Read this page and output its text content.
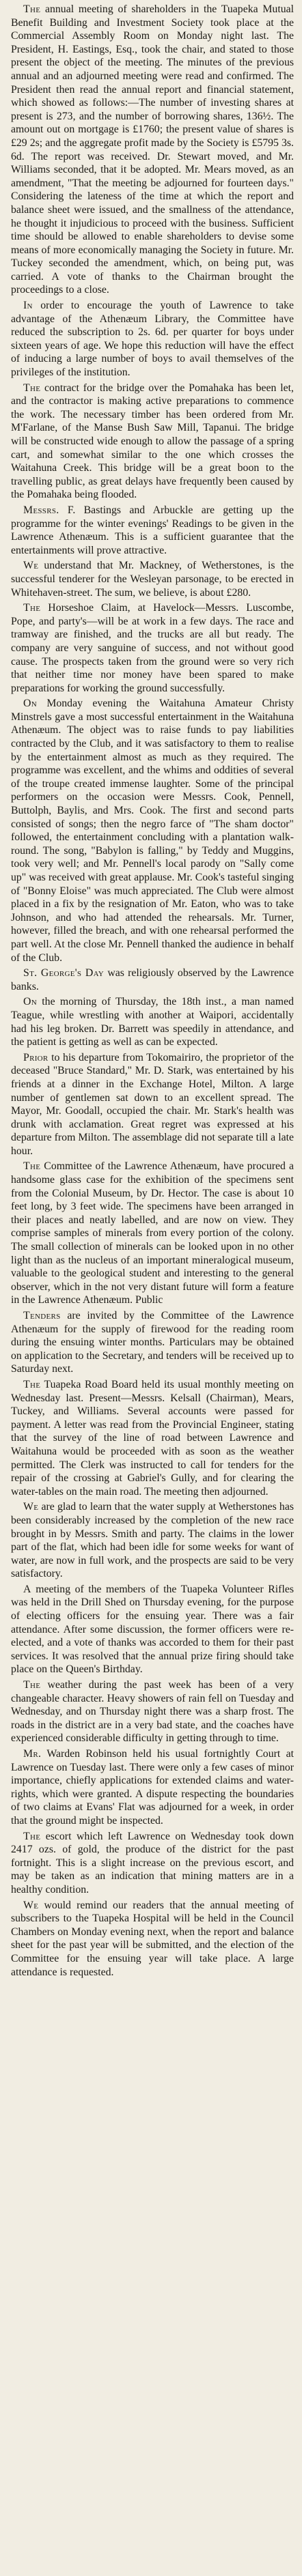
The annual meeting of shareholders in the Tuapeka Mutual Benefit Building and Investment Society took place at the Commercial Assembly Room on Monday night last. The President, H. Eastings, Esq., took the chair, and stated to those present the object of the meeting. The minutes of the previous annual and an adjourned meeting were read and confirmed. The President then read the annual report and financial statement, which showed as follows:—The number of investing shares at present is 273, and the number of borrowing shares, 136½. The amount out on mortgage is £1760; the present value of shares is £29 2s; and the aggregate profit made by the Society is £5795 3s. 6d. The report was received. Dr. Stewart moved, and Mr. Williams seconded, that it be adopted. Mr. Mears moved, as an amendment, "That the meeting be adjourned for fourteen days." Considering the lateness of the time at which the report and balance sheet were issued, and the smallness of the attendance, he thought it injudicious to proceed with the business. Sufficient time should be allowed to enable shareholders to devise some means of more economically managing the Society in future. Mr. Tuckey seconded the amendment, which, on being put, was carried. A vote of thanks to the Chairman brought the proceedings to a close.

In order to encourage the youth of Lawrence to take advantage of the Athenæum Library, the Committee have reduced the subscription to 2s. 6d. per quarter for boys under sixteen years of age. We hope this reduction will have the effect of inducing a large number of boys to avail themselves of the privileges of the institution.

The contract for the bridge over the Pomahaka has been let, and the contractor is making active preparations to commence the work. The necessary timber has been ordered from Mr. M'Farlane, of the Manse Bush Saw Mill, Tapanui. The bridge will be constructed wide enough to allow the passage of a spring cart, and somewhat similar to the one which crosses the Waitahuna Creek. This bridge will be a great boon to the travelling public, as great delays have frequently been caused by the Pomahaka being flooded.

Messrs. F. Bastings and Arbuckle are getting up the programme for the winter evenings' Readings to be given in the Lawrence Athenæum. This is a sufficient guarantee that the entertainments will prove attractive.

We understand that Mr. Mackney, of Wetherstones, is the successful tenderer for the Wesleyan parsonage, to be erected in Whitehaven-street. The sum, we believe, is about £280.

The Horseshoe Claim, at Havelock—Messrs. Luscombe, Pope, and party's—will be at work in a few days. The race and tramway are finished, and the trucks are all but ready. The company are very sanguine of success, and not without good cause. The prospects taken from the ground were so very rich that neither time nor money have been spared to make preparations for working the ground successfully.

On Monday evening the Waitahuna Amateur Christy Minstrels gave a most successful entertainment in the Waitahuna Athenæum. The object was to raise funds to pay liabilities contracted by the Club, and it was satisfactory to them to realise by the entertainment almost as much as they required. The programme was excellent, and the whims and oddities of several of the troupe created immense laughter. Some of the principal performers on the occasion were Messrs. Cook, Pennell, Buttolph, Baylis, and Mrs. Cook. The first and second parts consisted of songs; then the negro farce of "The sham doctor" followed, the entertainment concluding with a plantation walk-round. The song, "Babylon is falling," by Teddy and Muggins, took very well; and Mr. Pennell's local parody on "Sally come up" was received with great applause. Mr. Cook's tasteful singing of "Bonny Eloise" was much appreciated. The Club were almost placed in a fix by the resignation of Mr. Eaton, who was to take Johnson, and who had attended the rehearsals. Mr. Turner, however, filled the breach, and with one rehearsal performed the part well. At the close Mr. Pennell thanked the audience in behalf of the Club.

St. George's Day was religiously observed by the Lawrence banks.

On the morning of Thursday, the 18th inst., a man named Teague, while wrestling with another at Waipori, accidentally had his leg broken. Dr. Barrett was speedily in attendance, and the patient is getting as well as can be expected.

Prior to his departure from Tokomairiro, the proprietor of the deceased "Bruce Standard," Mr. D. Stark, was entertained by his friends at a dinner in the Exchange Hotel, Milton. A large number of gentlemen sat down to an excellent spread. The Mayor, Mr. Goodall, occupied the chair. Mr. Stark's health was drunk with acclamation. Great regret was expressed at his departure from Milton. The assemblage did not separate till a late hour.

The Committee of the Lawrence Athenæum, have procured a handsome glass case for the exhibition of the specimens sent from the Colonial Museum, by Dr. Hector. The case is about 10 feet long, by 3 feet wide. The specimens have been arranged in their places and neatly labelled, and are now on view. They comprise samples of minerals from every portion of the colony. The small collection of minerals can be looked upon in no other light than as the nucleus of an important mineralogical museum, valuable to the geological student and interesting to the general observer, which in the not very distant future will form a feature in the Lawrence Athenæum. Public

Tenders are invited by the Committee of the Lawrence Athenæum for the supply of firewood for the reading room during the ensuing winter months. Particulars may be obtained on application to the Secretary, and tenders will be received up to Saturday next.

The Tuapeka Road Board held its usual monthly meeting on Wednesday last. Present—Messrs. Kelsall (Chairman), Mears, Tuckey, and Williams. Several accounts were passed for payment. A letter was read from the Provincial Engineer, stating that the survey of the line of road between Lawrence and Waitahuna would be proceeded with as soon as the weather permitted. The Clerk was instructed to call for tenders for the repair of the crossing at Gabriel's Gully, and for clearing the water-tables on the main road. The meeting then adjourned.

We are glad to learn that the water supply at Wetherstones has been considerably increased by the completion of the new race brought in by Messrs. Smith and party. The claims in the lower part of the flat, which had been idle for some weeks for want of water, are now in full work, and the prospects are said to be very satisfactory.

A meeting of the members of the Tuapeka Volunteer Rifles was held in the Drill Shed on Thursday evening, for the purpose of electing officers for the ensuing year. There was a fair attendance. After some discussion, the former officers were re-elected, and a vote of thanks was accorded to them for their past services. It was resolved that the annual prize firing should take place on the Queen's Birthday.

The weather during the past week has been of a very changeable character. Heavy showers of rain fell on Tuesday and Wednesday, and on Thursday night there was a sharp frost. The roads in the district are in a very bad state, and the coaches have experienced considerable difficulty in getting through to time.

Mr. Warden Robinson held his usual fortnightly Court at Lawrence on Tuesday last. There were only a few cases of minor importance, chiefly applications for extended claims and water-rights, which were granted. A dispute respecting the boundaries of two claims at Evans' Flat was adjourned for a week, in order that the ground might be inspected.

The escort which left Lawrence on Wednesday took down 2417 ozs. of gold, the produce of the district for the past fortnight. This is a slight increase on the previous escort, and may be taken as an indication that mining matters are in a healthy condition.

We would remind our readers that the annual meeting of subscribers to the Tuapeka Hospital will be held in the Council Chambers on Monday evening next, when the report and balance sheet for the past year will be submitted, and the election of the Committee for the ensuing year will take place. A large attendance is requested.
